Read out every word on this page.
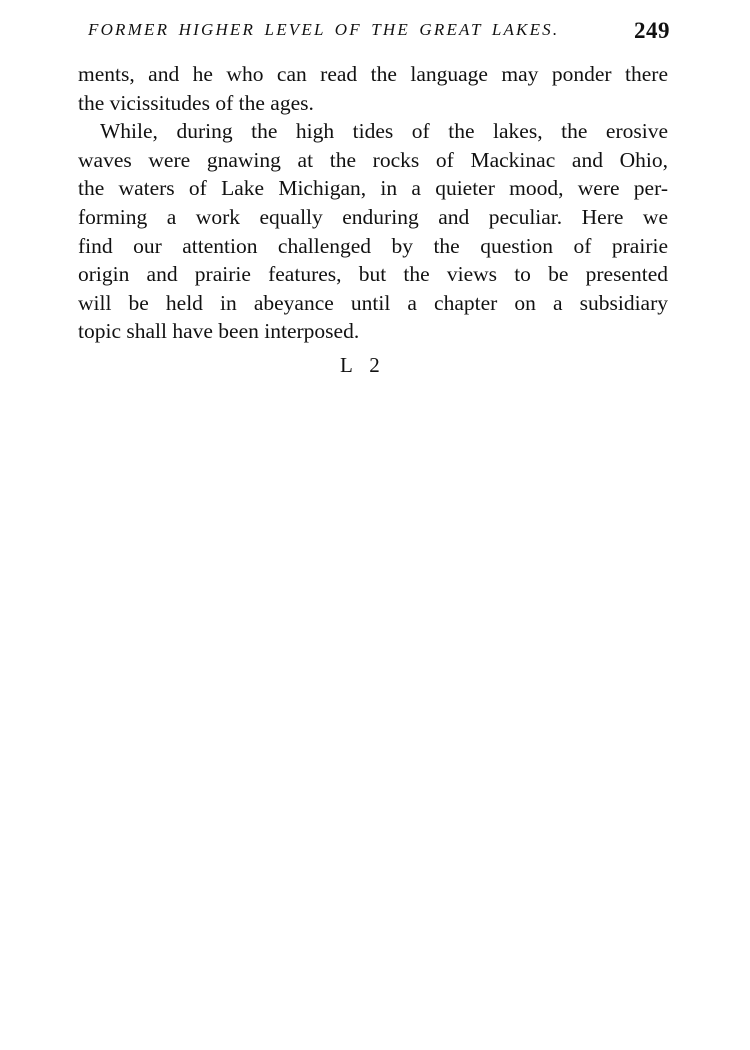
FORMER HIGHER LEVEL OF THE GREAT LAKES.	249
ments, and he who can read the language may ponder there
the vicissitudes of the ages.
While, during the high tides of the lakes, the erosive
waves were gnawing at the rocks of Mackinac and Ohio,
the waters of Lake Michigan, in a quieter mood, were per-
forming a work equally enduring and peculiar. Here we
find our attention challenged by the question of prairie
origin and prairie features, but the views to be presented
will be held in abeyance until a chapter on a subsidiary
topic shall have been interposed.
L 2
